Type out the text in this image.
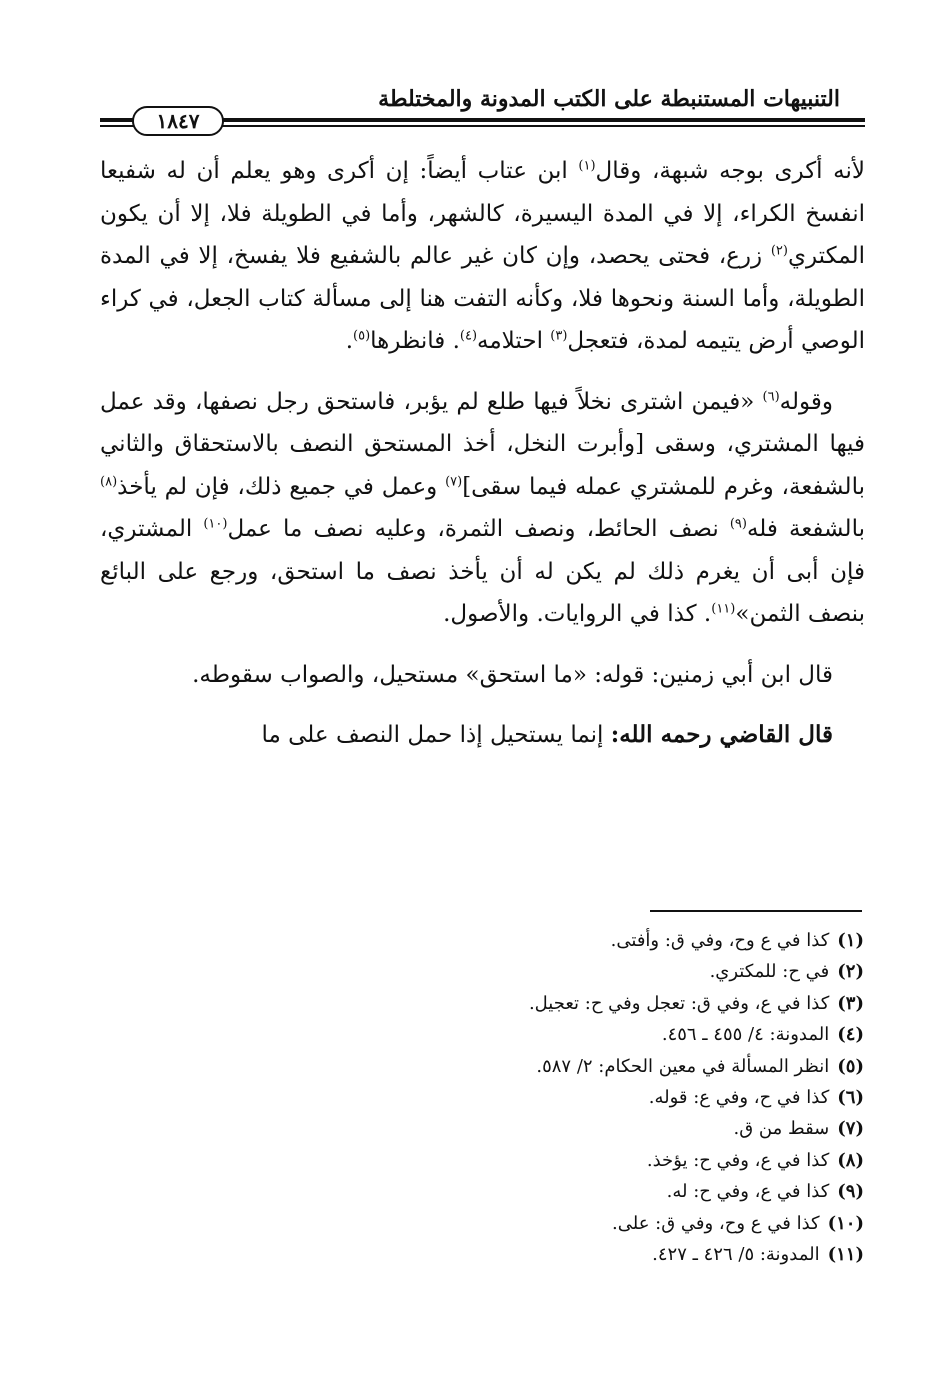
التنبيهات المستنبطة على الكتب المدونة والمختلطة
١٨٤٧

لأنه أكرى بوجه شبهة، وقال$^{(١)}$ ابن عتاب أيضاً: إن أكرى وهو يعلم أن له شفيعا انفسخ الكراء، إلا في المدة اليسيرة، كالشهر، وأما في الطويلة فلا، إلا أن يكون المكتري$^{(٢)}$ زرع، فحتى يحصد، وإن كان غير عالم بالشفيع فلا يفسخ، إلا في المدة الطويلة، وأما السنة ونحوها فلا، وكأنه التفت هنا إلى مسألة كتاب الجعل، في كراء الوصي أرض يتيمه لمدة، فتعجل$^{(٣)}$ احتلامه$^{(٤)}$. فانظرها$^{(٥)}$.

وقوله$^{(٦)}$ «فيمن اشترى نخلاً فيها طلع لم يؤبر، فاستحق رجل نصفها، وقد عمل فيها المشتري، وسقى [وأبرت النخل، أخذ المستحق النصف بالاستحقاق والثاني بالشفعة، وغرم للمشتري عمله فيما سقى]$^{(٧)}$ وعمل في جميع ذلك، فإن لم يأخذ$^{(٨)}$ بالشفعة فله$^{(٩)}$ نصف الحائط، ونصف الثمرة، وعليه نصف ما عمل$^{(١٠)}$ المشتري، فإن أبى أن يغرم ذلك لم يكن له أن يأخذ نصف ما استحق، ورجع على البائع بنصف الثمن»$^{(١١)}$. كذا في الروايات. والأصول.

قال ابن أبي زمنين: قوله: «ما استحق» مستحيل، والصواب سقوطه.

قال القاضي رحمه الله: إنما يستحيل إذا حمل النصف على ما

(١)كذا في ع وح، وفي ق: وأفتى.
(٢)في ح: للمكتري.
(٣)كذا في ع، وفي ق: تعجل وفي ح: تعجيل.
(٤)المدونة: ٤/ ٤٥٥ ـ ٤٥٦.
(٥)انظر المسألة في معين الحكام: ٢/ ٥٨٧.
(٦)كذا في ح، وفي ع: قوله.
(٧)سقط من ق.
(٨)كذا في ع، وفي ح: يؤخذ.
(٩)كذا في ع، وفي ح: له.
(١٠)كذا في ع وح، وفي ق: على.
(١١)المدونة: ٥/ ٤٢٦ ـ ٤٢٧.
